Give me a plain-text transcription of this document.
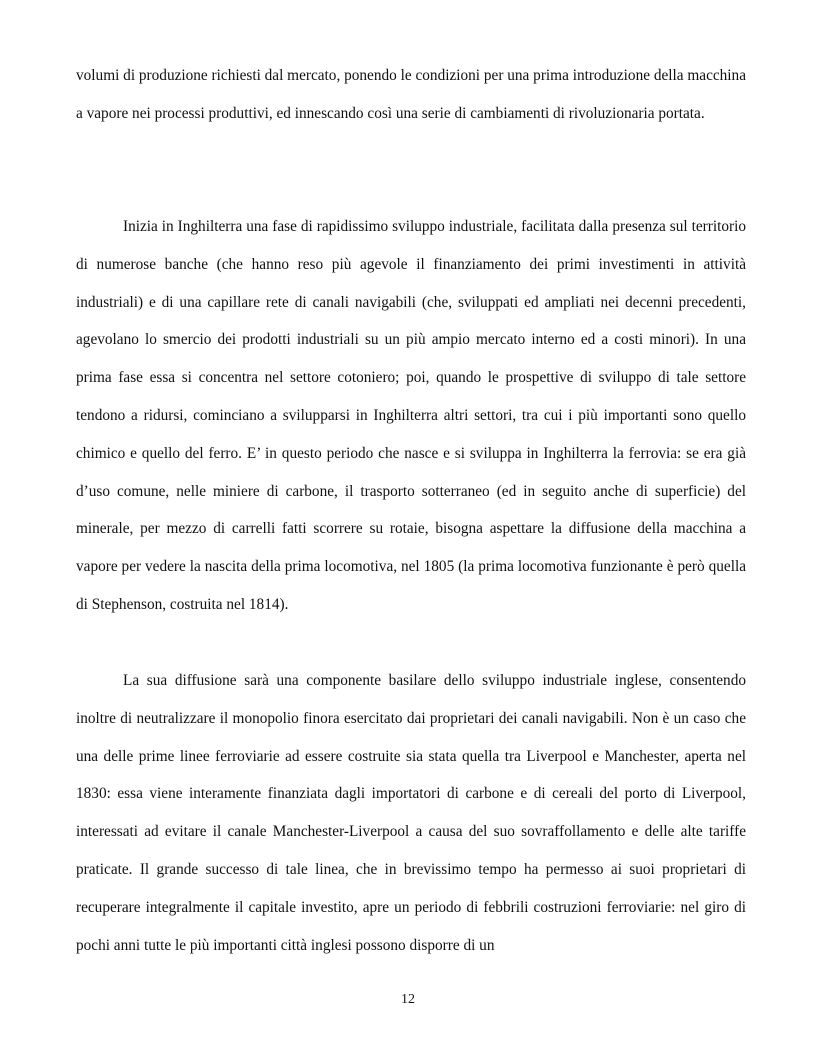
volumi di produzione richiesti dal mercato, ponendo le condizioni per una prima introduzione della macchina a vapore nei processi produttivi, ed innescando così una serie di cambiamenti di rivoluzionaria portata.

Inizia in Inghilterra una fase di rapidissimo sviluppo industriale, facilitata dalla presenza sul territorio di numerose banche (che hanno reso più agevole il finanziamento dei primi investimenti in attività industriali) e di una capillare rete di canali navigabili (che, sviluppati ed ampliati nei decenni precedenti, agevolano lo smercio dei prodotti industriali su un più ampio mercato interno ed a costi minori). In una prima fase essa si concentra nel settore cotoniero; poi, quando le prospettive di sviluppo di tale settore tendono a ridursi, cominciano a svilupparsi in Inghilterra altri settori, tra cui i più importanti sono quello chimico e quello del ferro. E’ in questo periodo che nasce e si sviluppa in Inghilterra la ferrovia: se era già d’uso comune, nelle miniere di carbone, il trasporto sotterraneo (ed in seguito anche di superficie) del minerale, per mezzo di carrelli fatti scorrere su rotaie, bisogna aspettare la diffusione della macchina a vapore per vedere la nascita della prima locomotiva, nel 1805 (la prima locomotiva funzionante è però quella di Stephenson, costruita nel 1814).

La sua diffusione sarà una componente basilare dello sviluppo industriale inglese, consentendo inoltre di neutralizzare il monopolio finora esercitato dai proprietari dei canali navigabili. Non è un caso che una delle prime linee ferroviarie ad essere costruite sia stata quella tra Liverpool e Manchester, aperta nel 1830: essa viene interamente finanziata dagli importatori di carbone e di cereali del porto di Liverpool, interessati ad evitare il canale Manchester-Liverpool a causa del suo sovraffollamento e delle alte tariffe praticate. Il grande successo di tale linea, che in brevissimo tempo ha permesso ai suoi proprietari di recuperare integralmente il capitale investito, apre un periodo di febbrili costruzioni ferroviarie: nel giro di pochi anni tutte le più importanti città inglesi possono disporre di un

12
